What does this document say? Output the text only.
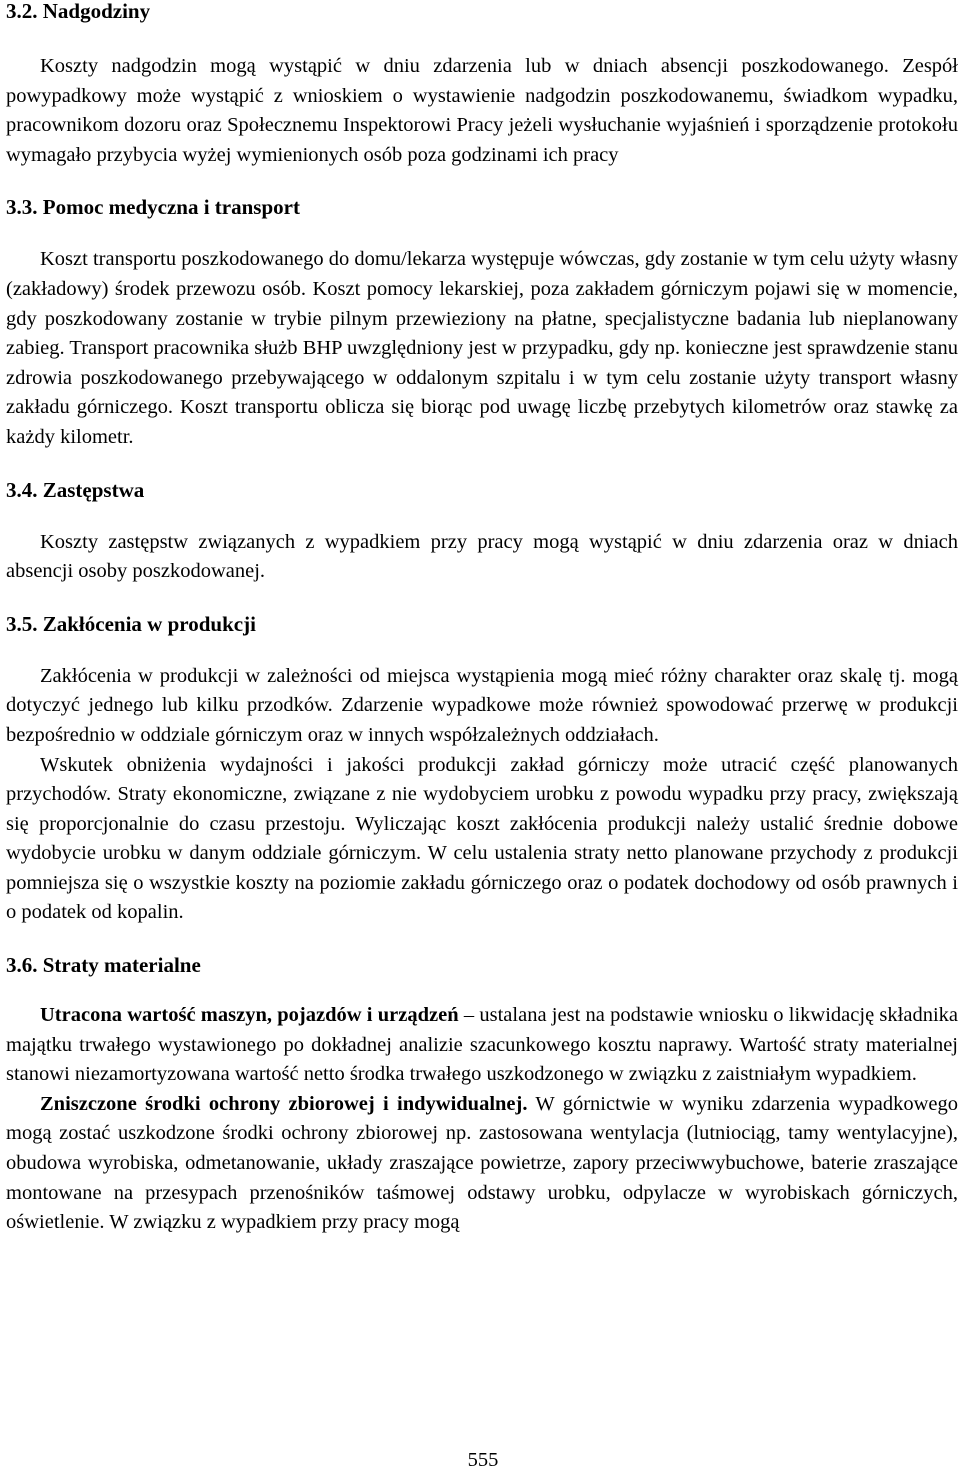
3.2. Nadgodziny

Koszty nadgodzin mogą wystąpić w dniu zdarzenia lub w dniach absencji poszkodowanego. Zespół powypadkowy może wystąpić z wnioskiem o wystawienie nadgodzin poszkodowanemu, świadkom wypadku, pracownikom dozoru oraz Społecznemu Inspektorowi Pracy jeżeli wysłuchanie wyjaśnień i sporządzenie protokołu wymagało przybycia wyżej wymienionych osób poza godzinami ich pracy

3.3. Pomoc medyczna i transport

Koszt transportu poszkodowanego do domu/lekarza występuje wówczas, gdy zostanie w tym celu użyty własny (zakładowy) środek przewozu osób. Koszt pomocy lekarskiej, poza zakładem górniczym pojawi się w momencie, gdy poszkodowany zostanie w trybie pilnym przewieziony na płatne, specjalistyczne badania lub nieplanowany zabieg. Transport pracownika służb BHP uwzględniony jest w przypadku, gdy np. konieczne jest sprawdzenie stanu zdrowia poszkodowanego przebywającego w oddalonym szpitalu i w tym celu zostanie użyty transport własny zakładu górniczego. Koszt transportu oblicza się biorąc pod uwagę liczbę przebytych kilometrów oraz stawkę za każdy kilometr.

3.4. Zastępstwa

Koszty zastępstw związanych z wypadkiem przy pracy mogą wystąpić w dniu zdarzenia oraz w dniach absencji osoby poszkodowanej.

3.5. Zakłócenia w produkcji

Zakłócenia w produkcji w zależności od miejsca wystąpienia mogą mieć różny charakter oraz skalę tj. mogą dotyczyć jednego lub kilku przodków. Zdarzenie wypadkowe może również spowodować przerwę w produkcji bezpośrednio w oddziale górniczym oraz w innych współzależnych oddziałach.

Wskutek obniżenia wydajności i jakości produkcji zakład górniczy może utracić część planowanych przychodów. Straty ekonomiczne, związane z nie wydobyciem urobku z powodu wypadku przy pracy, zwiększają się proporcjonalnie do czasu przestoju. Wyliczając koszt zakłócenia produkcji należy ustalić średnie dobowe wydobycie urobku w danym oddziale górniczym. W celu ustalenia straty netto planowane przychody z produkcji pomniejsza się o wszystkie koszty na poziomie zakładu górniczego oraz o podatek dochodowy od osób prawnych i o podatek od kopalin.

3.6. Straty materialne

Utracona wartość maszyn, pojazdów i urządzeń – ustalana jest na podstawie wniosku o likwidację składnika majątku trwałego wystawionego po dokładnej analizie szacunkowego kosztu naprawy. Wartość straty materialnej stanowi niezamortyzowana wartość netto środka trwałego uszkodzonego w związku z zaistniałym wypadkiem.

Zniszczone środki ochrony zbiorowej i indywidualnej. W górnictwie w wyniku zdarzenia wypadkowego mogą zostać uszkodzone środki ochrony zbiorowej np. zastosowana wentylacja (lutniociąg, tamy wentylacyjne), obudowa wyrobiska, odmetanowanie, układy zraszające powietrze, zapory przeciwwybuchowe, baterie zraszające montowane na przesypach przenośników taśmowej odstawy urobku, odpylacze w wyrobiskach górniczych, oświetlenie. W związku z wypadkiem przy pracy mogą

555
